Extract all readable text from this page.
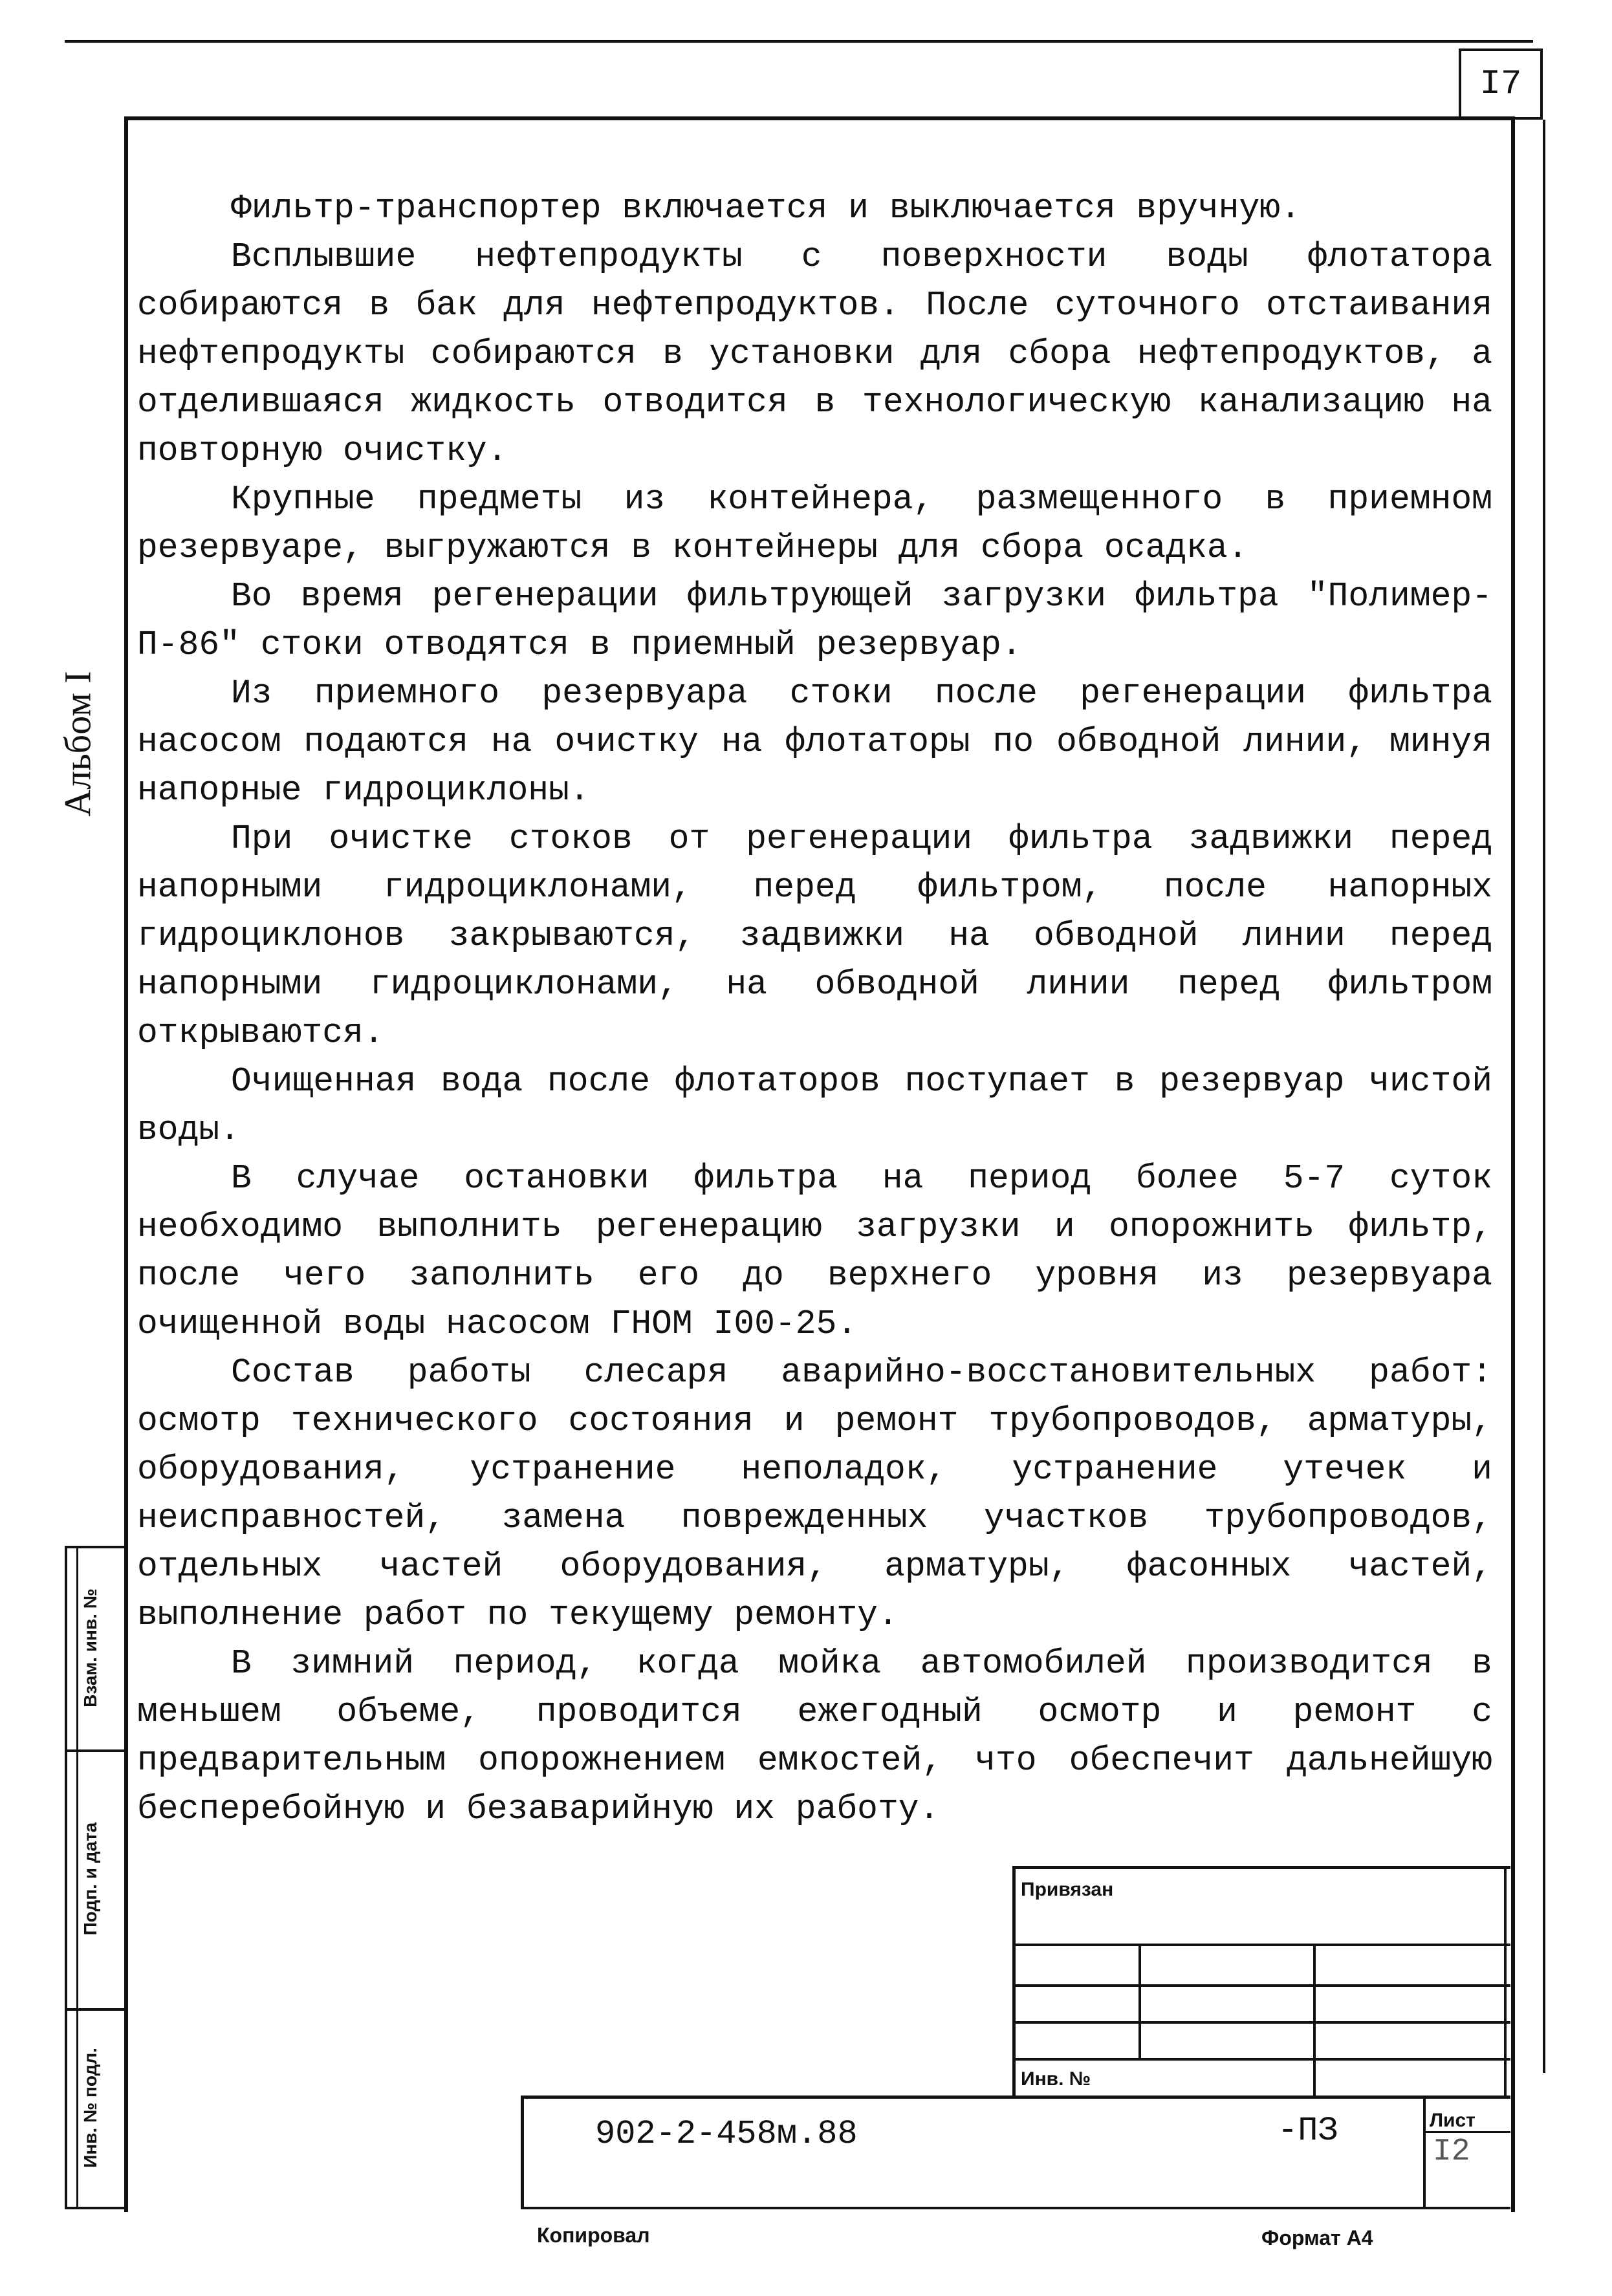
I7
Альбом I

Фильтр-транспортер включается и выключается вручную.

Всплывшие нефтепродукты с поверхности воды флотатора собираются в бак для нефтепродуктов. После суточного отстаивания нефтепродукты собираются в установки для сбора нефтепродуктов, а отделившаяся жидкость отводится в технологическую канализацию на повторную очистку.

Крупные предметы из контейнера, размещенного в приемном резервуаре, выгружаются в контейнеры для сбора осадка.

Во время регенерации фильтрующей загрузки фильтра "Полимер-П-86" стоки отводятся в приемный резервуар.

Из приемного резервуара стоки после регенерации фильтра насосом подаются на очистку на флотаторы по обводной линии, минуя напорные гидроциклоны.

При очистке стоков от регенерации фильтра задвижки перед напорными гидроциклонами, перед фильтром, после напорных гидроциклонов закрываются, задвижки на обводной линии перед напорными гидроциклонами, на обводной линии перед фильтром открываются.

Очищенная вода после флотаторов поступает в резервуар чистой воды.

В случае остановки фильтра на период более 5-7 суток необходимо выполнить регенерацию загрузки и опорожнить фильтр, после чего заполнить его до верхнего уровня из резервуара очищенной воды насосом ГНОМ I00-25.

Состав работы слесаря аварийно-восстановительных работ: осмотр технического состояния и ремонт трубопроводов, арматуры, оборудования, устранение неполадок, устранение утечек и неисправностей, замена поврежденных участков трубопроводов, отдельных частей оборудования, арматуры, фасонных частей, выполнение работ по текущему ремонту.

В зимний период, когда мойка автомобилей производится в меньшем объеме, проводится ежегодный осмотр и ремонт с предварительным опорожнением емкостей, что обеспечит дальнейшую бесперебойную и безаварийную их работу.

Взам. инв. №
Подп. и дата
Инв. № подл.
Привязан
Инв. №
902-2-458м.88	-ПЗ	Лист
I2
Копировал	Формат А4
